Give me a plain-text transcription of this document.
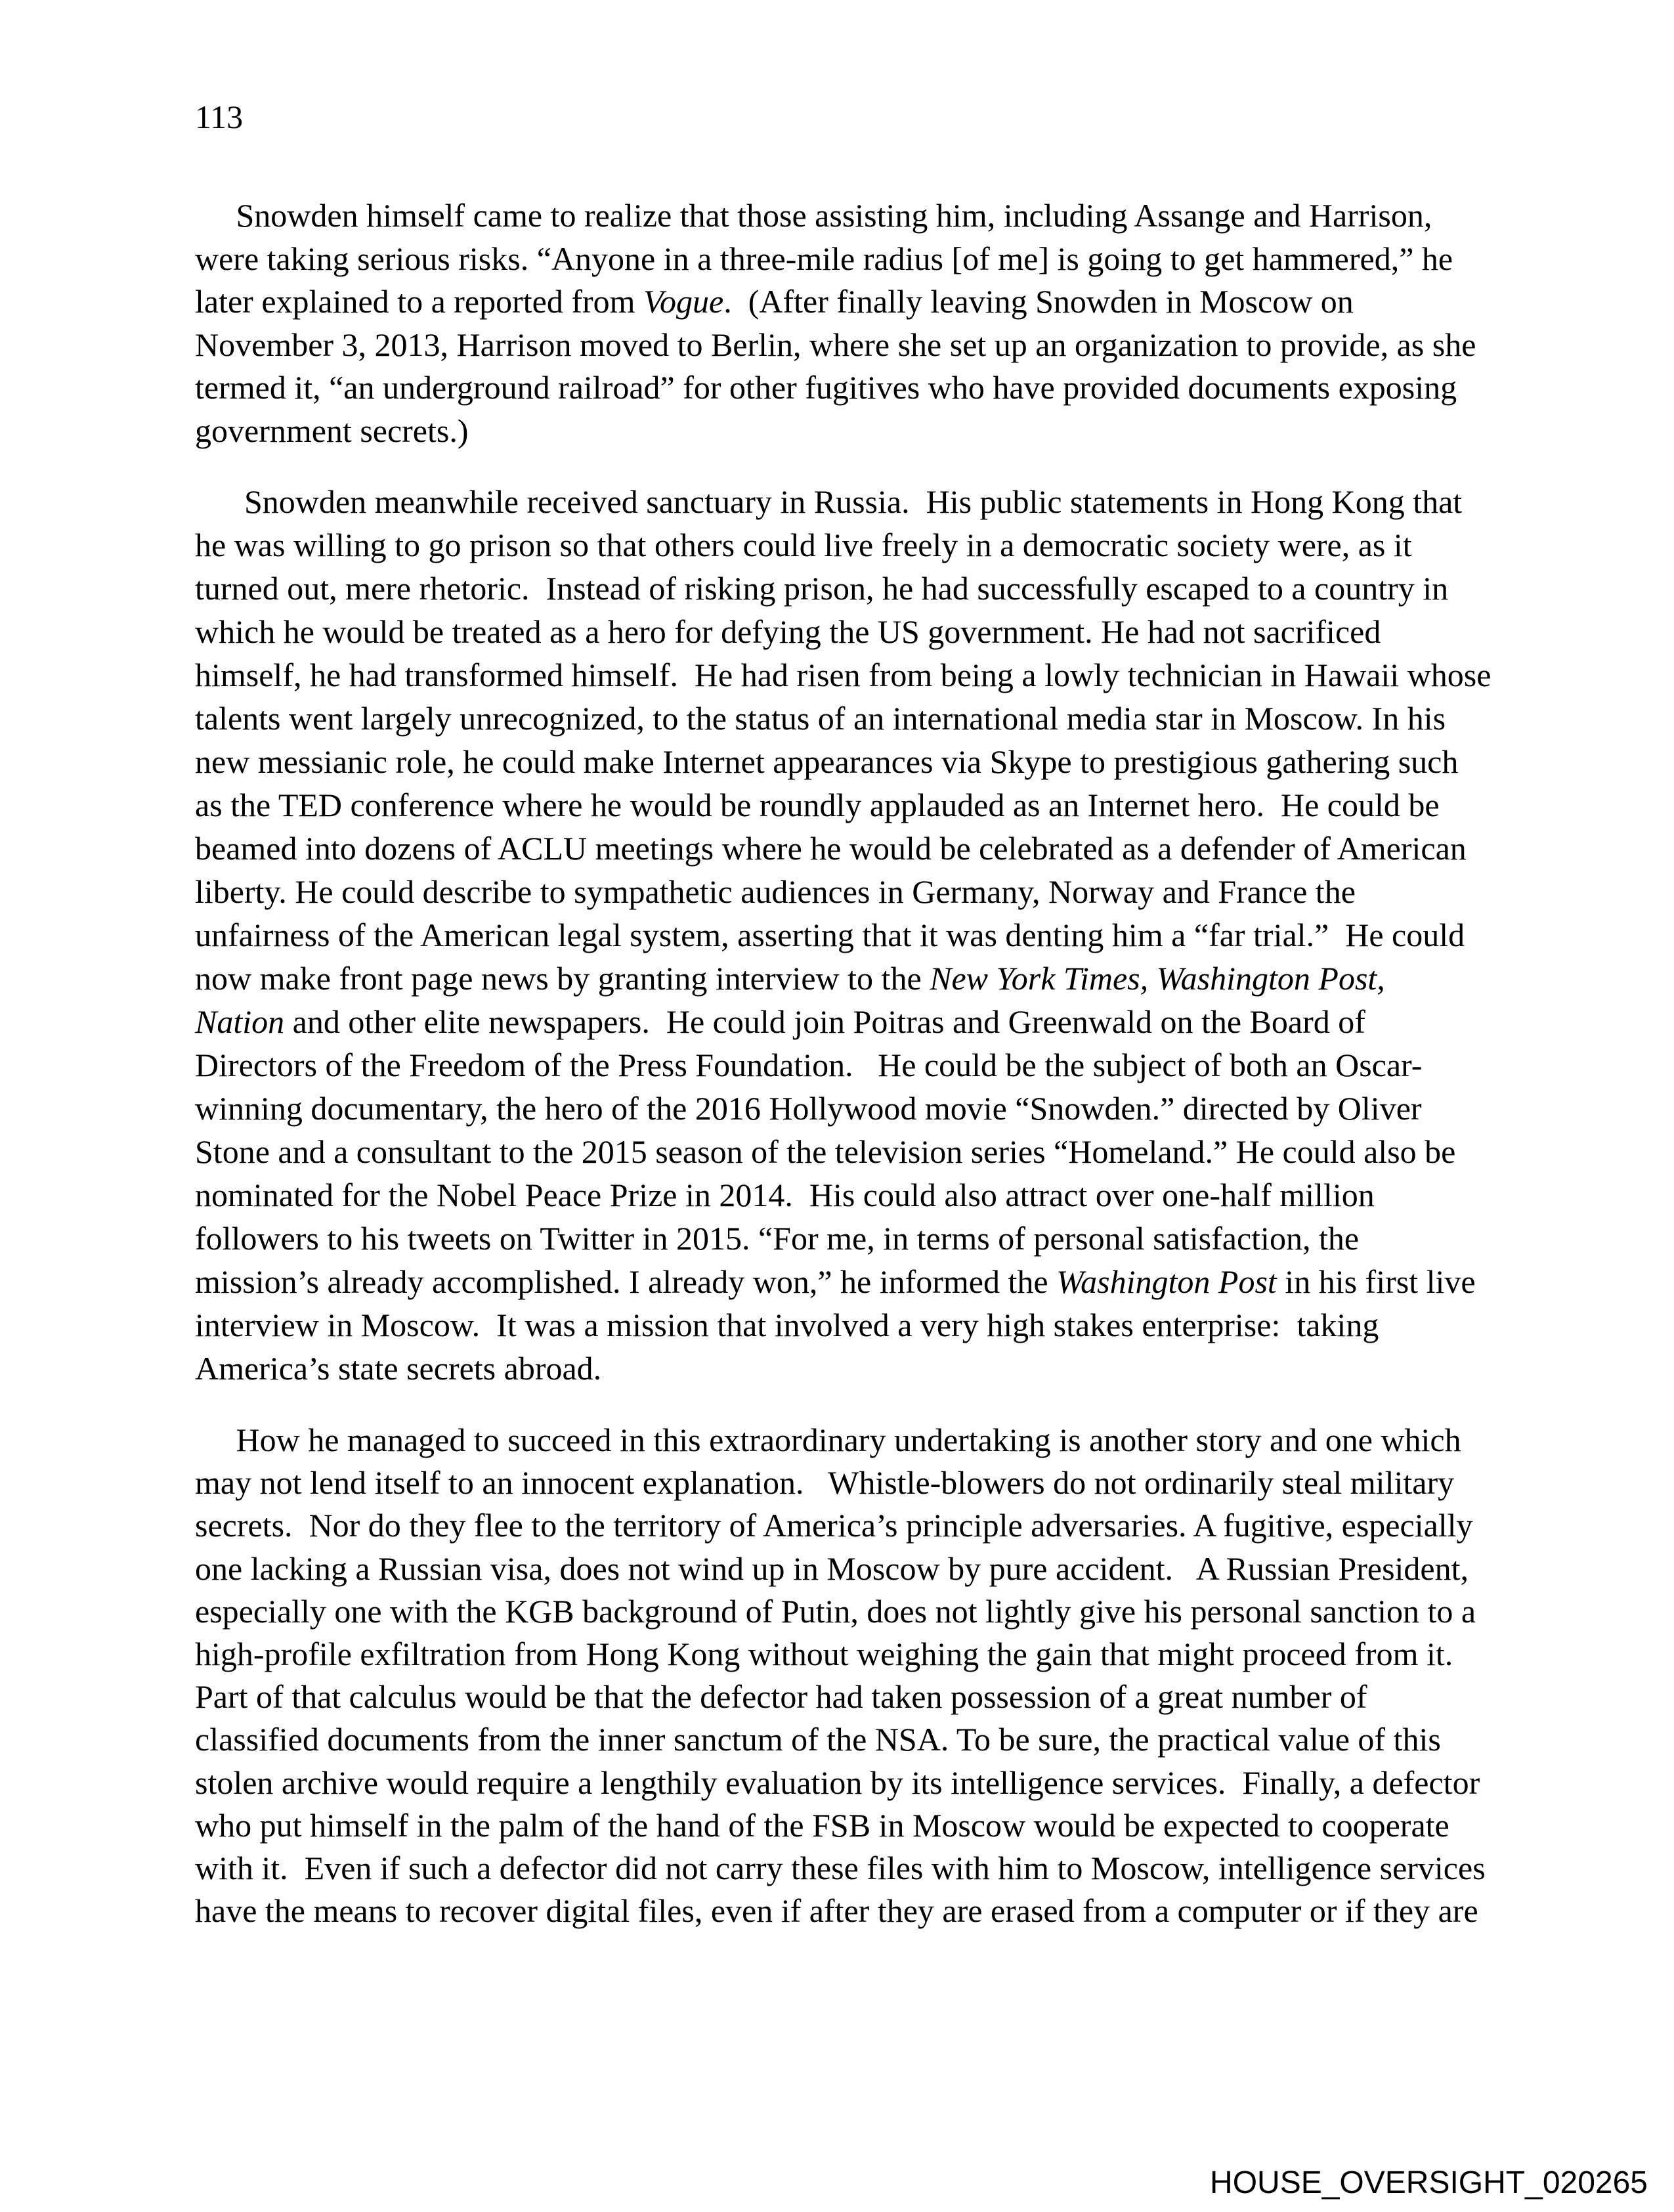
113
Snowden himself came to realize that those assisting him, including Assange and Harrison,
were taking serious risks. “Anyone in a three-mile radius [of me] is going to get hammered,” he
later explained to a reported from Vogue.  (After finally leaving Snowden in Moscow on
November 3, 2013, Harrison moved to Berlin, where she set up an organization to provide, as she
termed it, “an underground railroad” for other fugitives who have provided documents exposing
government secrets.)
Snowden meanwhile received sanctuary in Russia.  His public statements in Hong Kong that
he was willing to go prison so that others could live freely in a democratic society were, as it
turned out, mere rhetoric.  Instead of risking prison, he had successfully escaped to a country in
which he would be treated as a hero for defying the US government. He had not sacrificed
himself, he had transformed himself.  He had risen from being a lowly technician in Hawaii whose
talents went largely unrecognized, to the status of an international media star in Moscow. In his
new messianic role, he could make Internet appearances via Skype to prestigious gathering such
as the TED conference where he would be roundly applauded as an Internet hero.  He could be
beamed into dozens of ACLU meetings where he would be celebrated as a defender of American
liberty. He could describe to sympathetic audiences in Germany, Norway and France the
unfairness of the American legal system, asserting that it was denting him a “far trial.”  He could
now make front page news by granting interview to the New York Times, Washington Post,
Nation and other elite newspapers.  He could join Poitras and Greenwald on the Board of
Directors of the Freedom of the Press Foundation.   He could be the subject of both an Oscar-
winning documentary, the hero of the 2016 Hollywood movie “Snowden.” directed by Oliver
Stone and a consultant to the 2015 season of the television series “Homeland.” He could also be
nominated for the Nobel Peace Prize in 2014.  His could also attract over one-half million
followers to his tweets on Twitter in 2015. “For me, in terms of personal satisfaction, the
mission’s already accomplished. I already won,” he informed the Washington Post in his first live
interview in Moscow.  It was a mission that involved a very high stakes enterprise:  taking
America’s state secrets abroad.
How he managed to succeed in this extraordinary undertaking is another story and one which
may not lend itself to an innocent explanation.   Whistle-blowers do not ordinarily steal military
secrets.  Nor do they flee to the territory of America’s principle adversaries. A fugitive, especially
one lacking a Russian visa, does not wind up in Moscow by pure accident.   A Russian President,
especially one with the KGB background of Putin, does not lightly give his personal sanction to a
high-profile exfiltration from Hong Kong without weighing the gain that might proceed from it.
Part of that calculus would be that the defector had taken possession of a great number of
classified documents from the inner sanctum of the NSA. To be sure, the practical value of this
stolen archive would require a lengthily evaluation by its intelligence services.  Finally, a defector
who put himself in the palm of the hand of the FSB in Moscow would be expected to cooperate
with it.  Even if such a defector did not carry these files with him to Moscow, intelligence services
have the means to recover digital files, even if after they are erased from a computer or if they are
HOUSE_OVERSIGHT_020265
